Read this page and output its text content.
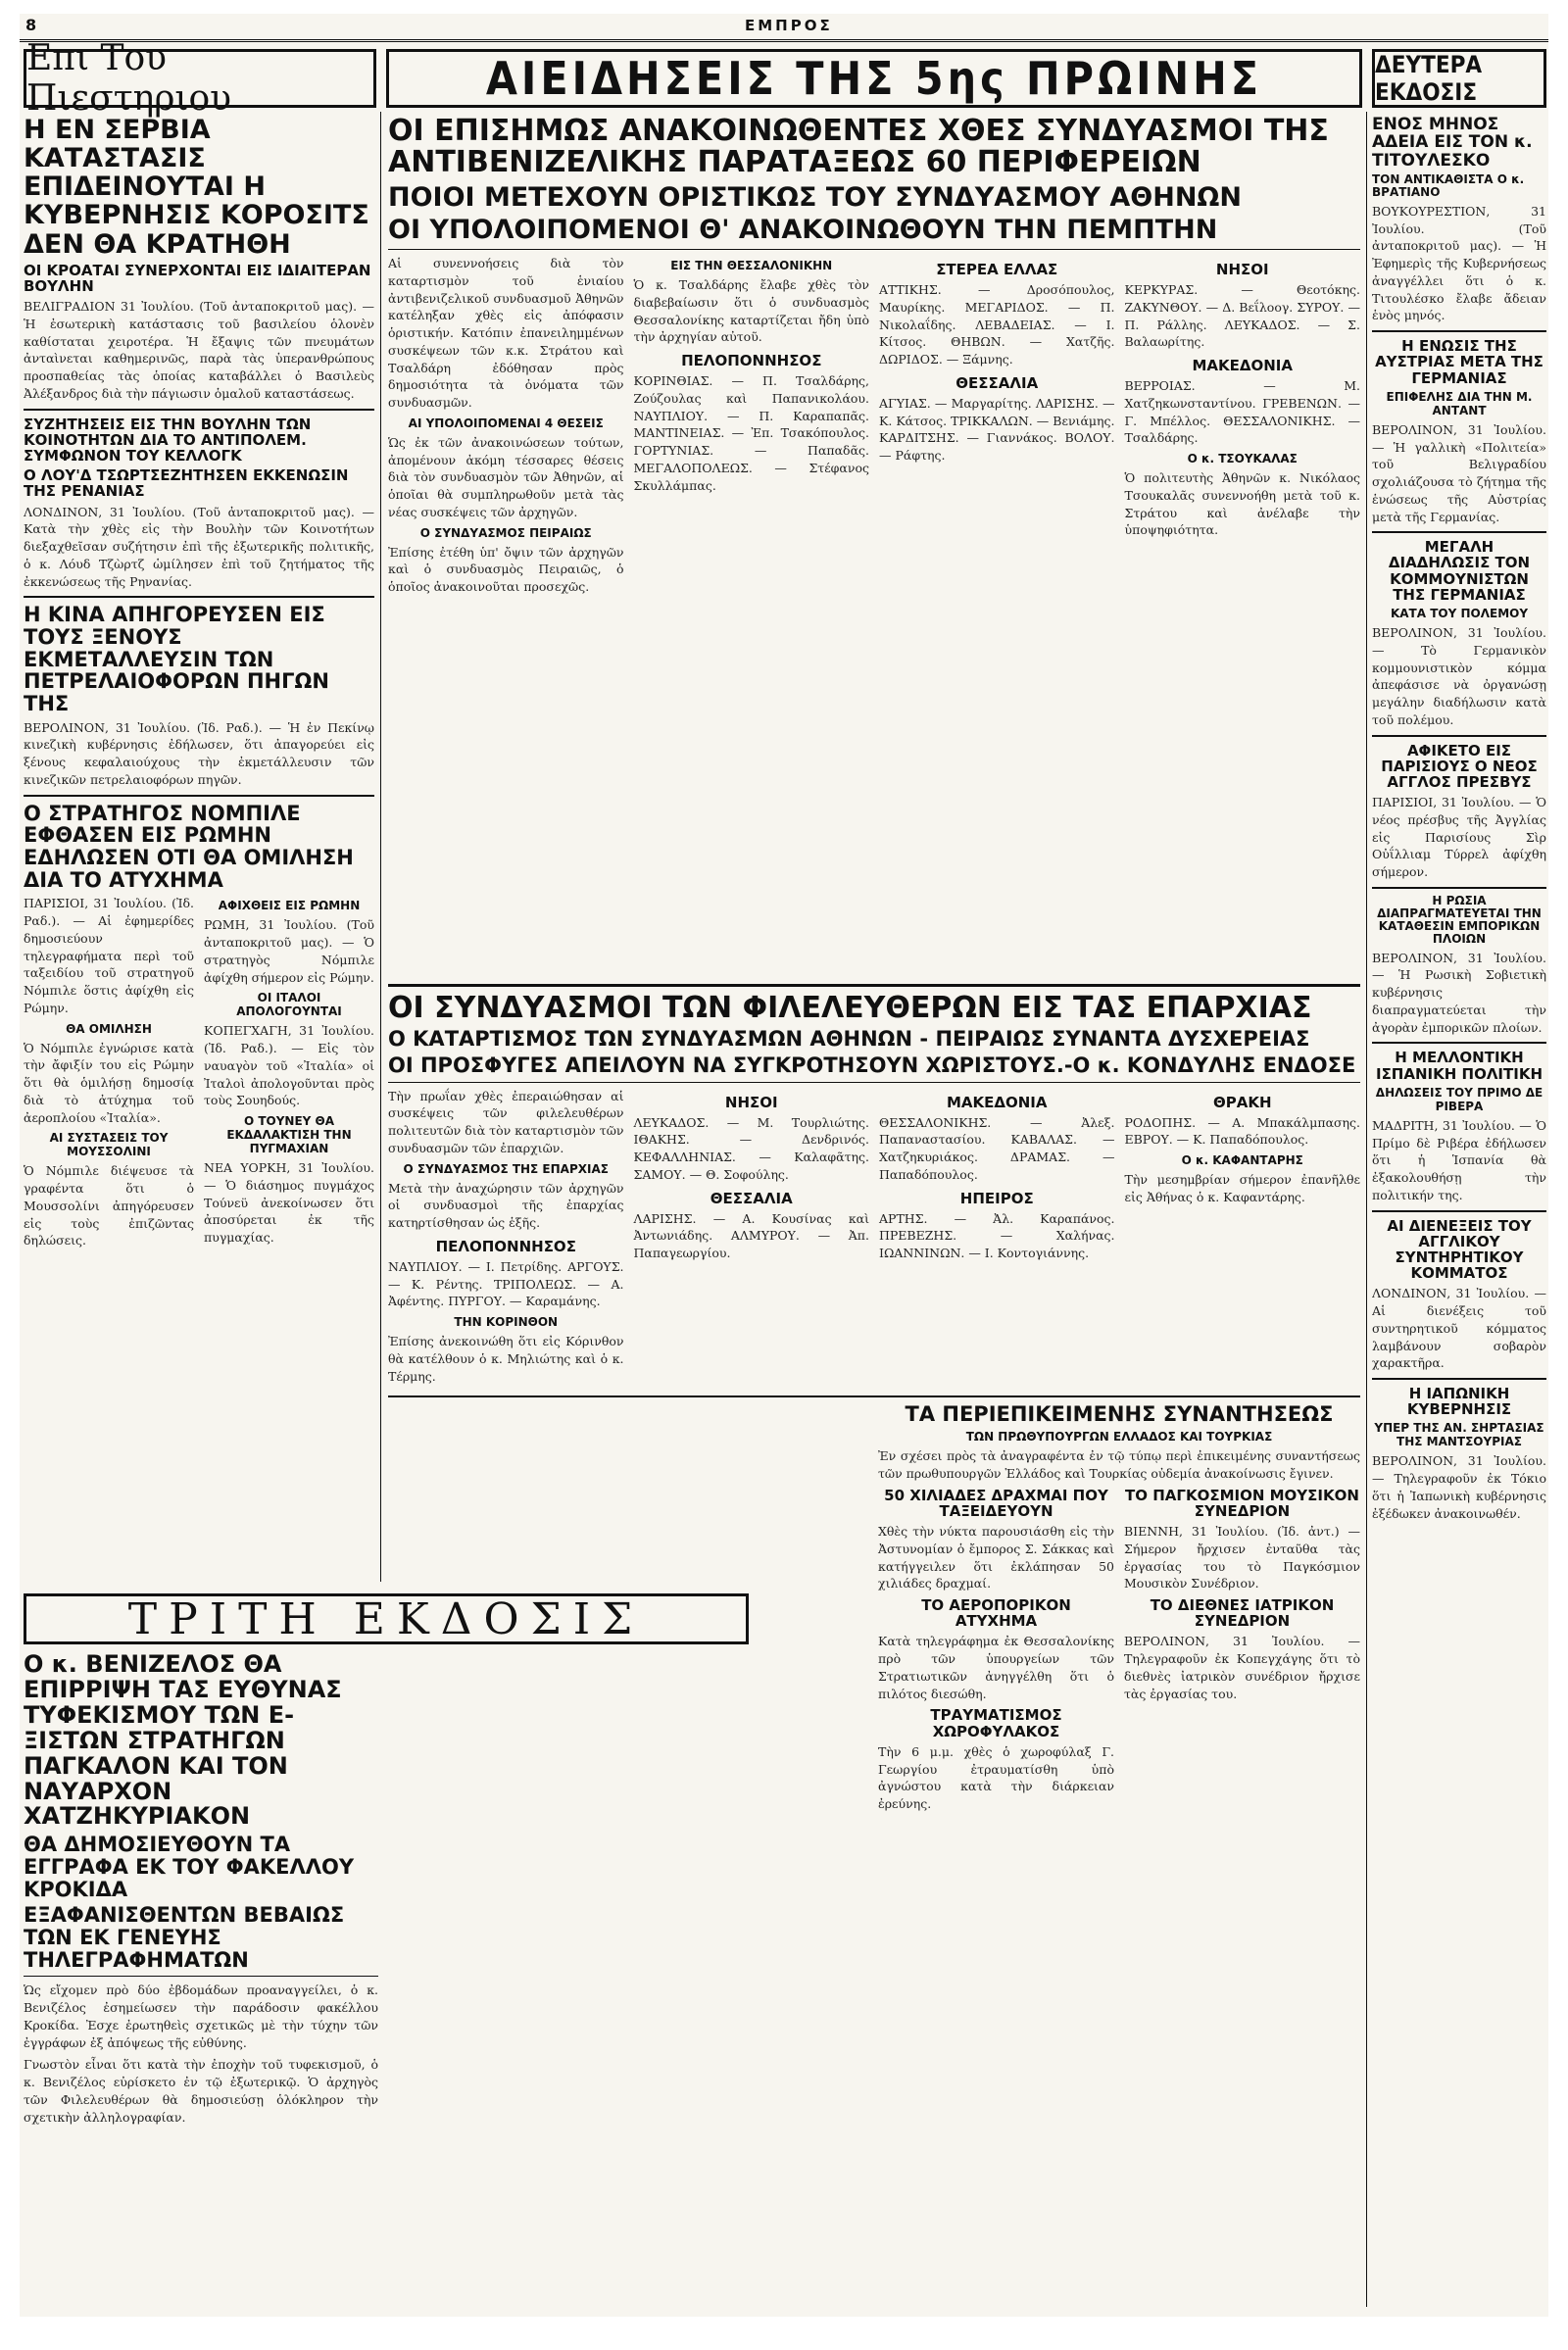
8	ΕΜΠΡΟΣ
Επι Του Πιεστηριου	ΑΙΕΙΔΗΣΕΙΣ ΤΗΣ 5ης ΠΡΩΙΝΗΣ	ΔΕΥΤΕΡΑ ΕΚΔΟΣΙΣ
Η ΕΝ ΣΕΡΒΙΑ ΚΑΤΑΣΤΑΣΙΣ ΕΠΙΔΕΙΝΟΥΤΑΙ Η ΚΥΒΕΡΝΗΣΙΣ ΚΟΡΟΣΙΤΣ ΔΕΝ ΘΑ ΚΡΑΤΗΘΗ
ΟΙ ΚΡΟΑΤΑΙ ΣΥΝΕΡΧΟΝΤΑΙ ΕΙΣ ΙΔΙΑΙΤΕΡΑΝ ΒΟΥΛΗΝ

ΒΕΛΙΓΡΑΔΙΟΝ 31 Ἰουλίου. (Τοῦ ἀνταποκριτοῦ μας). — Ἡ ἐσωτερικὴ κατάστασις τοῦ βασιλείου ὁλονὲν καθίσταται χειροτέρα. Ἡ ἔξαψις τῶν πνευμάτων ἀνταὶνεται καθημερινῶς, παρὰ τὰς ὑπερανθρώπους προσπαθείας τὰς ὁποίας καταβάλλει ὁ Βασιλεὺς Ἀλέξανδρος διὰ τὴν πάγιωσιν ὁμαλοῦ καταστάσεως.

ΣΥΖΗΤΗΣΕΙΣ ΕΙΣ ΤΗΝ ΒΟΥΛΗΝ ΤΩΝ ΚΟΙΝΟΤΗΤΩΝ ΔΙΑ ΤΟ ΑΝΤΙΠΟΛΕΜ. ΣΥΜΦΩΝΟΝ ΤΟΥ ΚΕΛΛΟΓΚ
Ο ΛΟΥ'Δ ΤΣΩΡΤΣΕΖΗΤΗΣΕΝ ΕΚΚΕΝΩΣΙΝ ΤΗΣ ΡΕΝΑΝΙΑΣ

ΛΟΝΔΙΝΟΝ, 31 Ἰουλίου. (Τοῦ ἀνταποκριτοῦ μας). — Κατὰ τὴν χθὲς εἰς τὴν Βουλὴν τῶν Κοινοτήτων διεξαχθεῖσαν συζήτησιν ἐπὶ τῆς ἐξωτερικῆς πολιτικῆς, ὁ κ. Λόυδ Τζὼρτζ ὡμίλησεν ἐπὶ τοῦ ζητήματος τῆς ἐκκενώσεως τῆς Ρηνανίας.

Η ΚΙΝΑ ΑΠΗΓΟΡΕΥΣΕΝ ΕΙΣ ΤΟΥΣ ΞΕΝΟΥΣ ΕΚΜΕΤΑΛΛΕΥΣΙΝ ΤΩΝ ΠΕΤΡΕΛΑΙΟΦΟΡΩΝ ΠΗΓΩΝ ΤΗΣ

ΒΕΡΟΛΙΝΟΝ, 31 Ἰουλίου. (Ἰδ. Ραδ.). — Ἡ ἐν Πεκίνῳ κινεζικὴ κυβέρνησις ἐδήλωσεν, ὅτι ἀπαγορεύει εἰς ξένους κεφαλαιούχους τὴν ἐκμετάλλευσιν τῶν κινεζικῶν πετρελαιοφόρων πηγῶν.

Ο ΣΤΡΑΤΗΓΟΣ ΝΟΜΠΙΛΕ ΕΦΘΑΣΕΝ ΕΙΣ ΡΩΜΗΝ ΕΔΗΛΩΣΕΝ ΟΤΙ ΘΑ ΟΜΙΛΗΣΗ ΔΙΑ ΤΟ ΑΤΥΧΗΜΑ

ΠΑΡΙΣΙΟΙ, 31 Ἰουλίου. (Ἰδ. Ραδ.). — Αἱ ἐφημερίδες δημοσιεύουν τηλεγραφήματα περὶ τοῦ ταξειδίου τοῦ στρατηγοῦ Νόμπιλε ὅστις ἀφίχθη εἰς Ρώμην.

ΘΑ ΟΜΙΛΗΣΗ

Ὁ Νόμπιλε ἐγνώρισε κατὰ τὴν ἄφιξίν του εἰς Ρώμην ὅτι θὰ ὁμιλήσῃ δημοσίᾳ διὰ τὸ ἀτύχημα τοῦ ἀεροπλοίου «Ἰταλία».

ΑΙ ΣΥΣΤΑΣΕΙΣ ΤΟΥ ΜΟΥΣΣΟΛΙΝΙ

Ὁ Νόμπιλε διέψευσε τὰ γραφέντα ὅτι ὁ Μουσσολίνι ἀπηγόρευσεν εἰς τοὺς ἐπιζῶντας δηλώσεις.

ΑΦΙΧΘΕΙΣ ΕΙΣ ΡΩΜΗΝ

ΡΩΜΗ, 31 Ἰουλίου. (Τοῦ ἀνταποκριτοῦ μας). — Ὁ στρατηγὸς Νόμπιλε ἀφίχθη σήμερον εἰς Ρώμην.

ΟΙ ΙΤΑΛΟΙ ΑΠΟΛΟΓΟΥΝΤΑΙ

ΚΟΠΕΓΧΑΓΗ, 31 Ἰουλίου. (Ἰδ. Ραδ.). — Εἰς τὸν ναυαγὸν τοῦ «Ἰταλία» οἱ Ἰταλοὶ ἀπολογοῦνται πρὸς τοὺς Σουηδούς.

Ο ΤΟΥΝΕΥ ΘΑ ΕΚΔΑΛΑΚΤΙΣΗ ΤΗΝ ΠΥΓΜΑΧΙΑΝ

ΝΕΑ ΥΟΡΚΗ, 31 Ἰουλίου. — Ὁ διάσημος πυγμάχος Τούνεϋ ἀνεκοίνωσεν ὅτι ἀποσύρεται ἐκ τῆς πυγμαχίας.

ΟΙ ΕΠΙΣΗΜΩΣ ΑΝΑΚΟΙΝΩΘΕΝΤΕΣ ΧΘΕΣ ΣΥΝΔΥΑΣΜΟΙ ΤΗΣ ΑΝΤΙΒΕΝΙΖΕΛΙΚΗΣ ΠΑΡΑΤΑΞΕΩΣ 60 ΠΕΡΙΦΕΡΕΙΩΝ
ΠΟΙΟΙ ΜΕΤΕΧΟΥΝ ΟΡΙΣΤΙΚΩΣ ΤΟΥ ΣΥΝΔΥΑΣΜΟΥ ΑΘΗΝΩΝ
ΟΙ ΥΠΟΛΟΙΠΟΜΕΝΟΙ Θ' ΑΝΑΚΟΙΝΩΘΟΥΝ ΤΗΝ ΠΕΜΠΤΗΝ

Αἱ συνεννοήσεις διὰ τὸν καταρτισμὸν τοῦ ἑνιαίου ἀντιβενιζελικοῦ συνδυασμοῦ Ἀθηνῶν κατέληξαν χθὲς εἰς ἀπόφασιν ὁριστικήν. Κατόπιν ἐπανειλημμένων συσκέψεων τῶν κ.κ. Στράτου καὶ Τσαλδάρη ἐδόθησαν πρὸς δημοσιότητα τὰ ὀνόματα τῶν συνδυασμῶν.

ΑΙ ΥΠΟΛΟΙΠΟΜΕΝΑΙ 4 ΘΕΣΕΙΣ

Ὡς ἐκ τῶν ἀνακοινώσεων τούτων, ἀπομένουν ἀκόμη τέσσαρες θέσεις διὰ τὸν συνδυασμὸν τῶν Ἀθηνῶν, αἱ ὁποῖαι θὰ συμπληρωθοῦν μετὰ τὰς νέας συσκέψεις τῶν ἀρχηγῶν.

Ο ΣΥΝΔΥΑΣΜΟΣ ΠΕΙΡΑΙΩΣ

Ἐπίσης ἐτέθη ὑπ' ὄψιν τῶν ἀρχηγῶν καὶ ὁ συνδυασμὸς Πειραιῶς, ὁ ὁποῖος ἀνακοινοῦται προσεχῶς.

ΕΙΣ ΤΗΝ ΘΕΣΣΑΛΟΝΙΚΗΝ

Ὁ κ. Τσαλδάρης ἔλαβε χθὲς τὸν διαβεβαίωσιν ὅτι ὁ συνδυασμὸς Θεσσαλονίκης καταρτίζεται ἤδη ὑπὸ τὴν ἀρχηγίαν αὐτοῦ.

ΠΕΛΟΠΟΝΝΗΣΟΣ

ΚΟΡΙΝΘΙΑΣ. — Π. Τσαλδάρης, Ζούζουλας καὶ Παπανικολάου. ΝΑΥΠΛΙΟΥ. — Π. Καραπαπᾶς. ΜΑΝΤΙΝΕΙΑΣ. — Ἐπ. Τσακόπουλος. ΓΟΡΤΥΝΙΑΣ. — Παπαδᾶς. ΜΕΓΑΛΟΠΟΛΕΩΣ. — Στέφανος Σκυλλάμπας.

ΣΤΕΡΕΑ ΕΛΛΑΣ

ΑΤΤΙΚΗΣ. — Δροσόπουλος, Μαυρίκης. ΜΕΓΑΡΙΔΟΣ. — Π. Νικολαΐδης. ΛΕΒΑΔΕΙΑΣ. — Ι. Κίτσος. ΘΗΒΩΝ. — Χατζῆς. ΔΩΡΙΔΟΣ. — Ξάμνης.

ΘΕΣΣΑΛΙΑ

ΑΓΥΙΑΣ. — Μαργαρίτης. ΛΑΡΙΣΗΣ. — Κ. Κάτσος. ΤΡΙΚΚΑΛΩΝ. — Βενιάμης. ΚΑΡΔΙΤΣΗΣ. — Γιαννάκος. ΒΟΛΟΥ. — Ράφτης.

ΝΗΣΟΙ

ΚΕΡΚΥΡΑΣ. — Θεοτόκης. ΖΑΚΥΝΘΟΥ. — Δ. Βεΐλοογ. ΣΥΡΟΥ. — Π. Ράλλης. ΛΕΥΚΑΔΟΣ. — Σ. Βαλαωρίτης.

ΜΑΚΕΔΟΝΙΑ

ΒΕΡΡΟΙΑΣ. — Μ. Χατζηκωνσταντίνου. ΓΡΕΒΕΝΩΝ. — Γ. Μπέλλος. ΘΕΣΣΑΛΟΝΙΚΗΣ. — Τσαλδάρης.

Ο κ. ΤΣΟΥΚΑΛΑΣ

Ὁ πολιτευτὴς Ἀθηνῶν κ. Νικόλαος Τσουκαλᾶς συνεννοήθη μετὰ τοῦ κ. Στράτου καὶ ἀνέλαβε τὴν ὑποψηφιότητα.

ΟΙ ΣΥΝΔΥΑΣΜΟΙ ΤΩΝ ΦΙΛΕΛΕΥΘΕΡΩΝ ΕΙΣ ΤΑΣ ΕΠΑΡΧΙΑΣ
Ο ΚΑΤΑΡΤΙΣΜΟΣ ΤΩΝ ΣΥΝΔΥΑΣΜΩΝ ΑΘΗΝΩΝ - ΠΕΙΡΑΙΩΣ ΣΥΝΑΝΤΑ ΔΥΣΧΕΡΕΙΑΣ
ΟΙ ΠΡΟΣΦΥΓΕΣ ΑΠΕΙΛΟΥΝ ΝΑ ΣΥΓΚΡΟΤΗΣΟΥΝ ΧΩΡΙΣΤΟΥΣ.-Ο κ. ΚΟΝΔΥΛΗΣ ΕΝΔΟΣΕ

Τὴν πρωΐαν χθὲς ἐπεραιώθησαν αἱ συσκέψεις τῶν φιλελευθέρων πολιτευτῶν διὰ τὸν καταρτισμὸν τῶν συνδυασμῶν τῶν ἐπαρχιῶν.

Ο ΣΥΝΔΥΑΣΜΟΣ ΤΗΣ ΕΠΑΡΧΙΑΣ

Μετὰ τὴν ἀναχώρησιν τῶν ἀρχηγῶν οἱ συνδυασμοὶ τῆς ἐπαρχίας κατηρτίσθησαν ὡς ἑξῆς.

ΠΕΛΟΠΟΝΝΗΣΟΣ

ΝΑΥΠΛΙΟΥ. — Ι. Πετρίδης. ΑΡΓΟΥΣ. — Κ. Ρέντης. ΤΡΙΠΟΛΕΩΣ. — Α. Ἀφέντης. ΠΥΡΓΟΥ. — Καραμάνης.

ΤΗΝ ΚΟΡΙΝΘΟΝ

Ἐπίσης ἀνεκοινώθη ὅτι εἰς Κόρινθον θὰ κατέλθουν ὁ κ. Μηλιώτης καὶ ὁ κ. Τέρμης.

ΝΗΣΟΙ

ΛΕΥΚΑΔΟΣ. — Μ. Τουρλιώτης. ΙΘΑΚΗΣ. — Δενδρινός. ΚΕΦΑΛΛΗΝΙΑΣ. — Καλαφᾶτης. ΣΑΜΟΥ. — Θ. Σοφούλης.

ΘΕΣΣΑΛΙΑ

ΛΑΡΙΣΗΣ. — Α. Κουσίνας καὶ Ἀντωνιάδης. ΑΛΜΥΡΟΥ. — Ἀπ. Παπαγεωργίου.

ΜΑΚΕΔΟΝΙΑ

ΘΕΣΣΑΛΟΝΙΚΗΣ. — Ἀλεξ. Παπαναστασίου. ΚΑΒΑΛΑΣ. — Χατζηκυριάκος. ΔΡΑΜΑΣ. — Παπαδόπουλος.

ΗΠΕΙΡΟΣ

ΑΡΤΗΣ. — Ἀλ. Καραπάνος. ΠΡΕΒΕΖΗΣ. — Χαλήνας. ΙΩΑΝΝΙΝΩΝ. — Ι. Κοντογιάννης.

ΘΡΑΚΗ

ΡΟΔΟΠΗΣ. — Α. Μπακάλμπασης. ΕΒΡΟΥ. — Κ. Παπαδόπουλος.

Ο κ. ΚΑΦΑΝΤΑΡΗΣ

Τὴν μεσημβρίαν σήμερον ἐπανῆλθε εἰς Ἀθήνας ὁ κ. Καφαντάρης.

ΤΑ ΠΕΡΙΕΠΙΚΕΙΜΕΝΗΣ ΣΥΝΑΝΤΗΣΕΩΣ
ΤΩΝ ΠΡΩΘΥΠΟΥΡΓΩΝ ΕΛΛΑΔΟΣ ΚΑΙ ΤΟΥΡΚΙΑΣ

Ἐν σχέσει πρὸς τὰ ἀναγραφέντα ἐν τῷ τύπῳ περὶ ἐπικειμένης συναντήσεως τῶν πρωθυπουργῶν Ἑλλάδος καὶ Τουρκίας οὐδεμία ἀνακοίνωσις ἔγινεν.

50 ΧΙΛΙΑΔΕΣ ΔΡΑΧΜΑΙ ΠΟΥ ΤΑΞΕΙΔΕΥΟΥΝ

Χθὲς τὴν νύκτα παρουσιάσθη εἰς τὴν Ἀστυνομίαν ὁ ἔμπορος Σ. Σάκκας καὶ κατήγγειλεν ὅτι ἐκλάπησαν 50 χιλιάδες δραχμαί.

ΤΟ ΑΕΡΟΠΟΡΙΚΟΝ ΑΤΥΧΗΜΑ

Κατὰ τηλεγράφημα ἐκ Θεσσαλονίκης πρὸ τῶν ὑπουργείων τῶν Στρατιωτικῶν ἀνηγγέλθη ὅτι ὁ πιλότος διεσώθη.

ΤΡΑΥΜΑΤΙΣΜΟΣ ΧΩΡΟΦΥΛΑΚΟΣ

Τὴν 6 μ.μ. χθὲς ὁ χωροφύλαξ Γ. Γεωργίου ἐτραυματίσθη ὑπὸ ἀγνώστου κατὰ τὴν διάρκειαν ἐρεύνης.

ΤΟ ΠΑΓΚΟΣΜΙΟΝ ΜΟΥΣΙΚΟΝ ΣΥΝΕΔΡΙΟΝ

ΒΙΕΝΝΗ, 31 Ἰουλίου. (Ἰδ. ἀντ.) — Σήμερον ἤρχισεν ἐνταῦθα τὰς ἐργασίας του τὸ Παγκόσμιον Μουσικὸν Συνέδριον.

ΤΟ ΔΙΕΘΝΕΣ ΙΑΤΡΙΚΟΝ ΣΥΝΕΔΡΙΟΝ

ΒΕΡΟΛΙΝΟΝ, 31 Ἰουλίου. — Τηλεγραφοῦν ἐκ Κοπεγχάγης ὅτι τὸ διεθνὲς ἰατρικὸν συνέδριον ἤρχισε τὰς ἐργασίας του.

ΤΡΙΤΗ ΕΚΔΟΣΙΣ
Ο κ. ΒΕΝΙΖΕΛΟΣ ΘΑ ΕΠΙΡΡΙΨΗ ΤΑΣ ΕΥΘΥΝΑΣ ΤΥΦΕΚΙΣΜΟΥ ΤΩΝ Ε-ΞΙΣΤΩΝ ΣΤΡΑΤΗΓΩΝ ΠΑΓΚΑΛΟΝ ΚΑΙ ΤΟΝ ΝΑΥΑΡΧΟΝ ΧΑΤΖΗΚΥΡΙΑΚΟΝ
ΘΑ ΔΗΜΟΣΙΕΥΘΟΥΝ ΤΑ ΕΓΓΡΑΦΑ ΕΚ ΤΟΥ ΦΑΚΕΛΛΟΥ ΚΡΟΚΙΔΑ
ΕΞΑΦΑΝΙΣΘΕΝΤΩΝ ΒΕΒΑΙΩΣ ΤΩΝ ΕΚ ΓΕΝΕΥΗΣ ΤΗΛΕΓΡΑΦΗΜΑΤΩΝ

Ὡς εἴχομεν πρὸ δύο ἐβδομάδων προαναγγείλει, ὁ κ. Βενιζέλος ἐσημείωσεν τὴν παράδοσιν φακέλλου Κροκίδα. Ἐσχε ἐρωτηθεὶς σχετικῶς μὲ τὴν τύχην τῶν ἐγγράφων ἐξ ἀπόψεως τῆς εὐθύνης.

Γνωστὸν εἶναι ὅτι κατὰ τὴν ἐποχὴν τοῦ τυφεκισμοῦ, ὁ κ. Βενιζέλος εὐρίσκετο ἐν τῷ ἐξωτερικῷ. Ὁ ἀρχηγὸς τῶν Φιλελευθέρων θὰ δημοσιεύσῃ ὁλόκληρον τὴν σχετικὴν ἀλληλογραφίαν.

ΕΝΟΣ ΜΗΝΟΣ ΑΔΕΙΑ ΕΙΣ ΤΟΝ κ. ΤΙΤΟΥΛΕΣΚΟ
ΤΟΝ ΑΝΤΙΚΑΘΙΣΤΑ Ο κ. ΒΡΑΤΙΑΝΟ

ΒΟΥΚΟΥΡΕΣΤΙΟΝ, 31 Ἰουλίου. (Τοῦ ἀνταποκριτοῦ μας). — Ἡ Ἐφημερὶς τῆς Κυβερνήσεως ἀναγγέλλει ὅτι ὁ κ. Τιτουλέσκο ἔλαβε ἄδειαν ἑνὸς μηνός.

Η ΕΝΩΣΙΣ ΤΗΣ ΑΥΣΤΡΙΑΣ ΜΕΤΑ ΤΗΣ ΓΕΡΜΑΝΙΑΣ
ΕΠΙΦΕΛΗΣ ΔΙΑ ΤΗΝ Μ. ΑΝΤΑΝΤ

ΒΕΡΟΛΙΝΟΝ, 31 Ἰουλίου. — Ἡ γαλλικὴ «Πολιτεία» τοῦ Βελιγραδίου σχολιάζουσα τὸ ζήτημα τῆς ἑνώσεως τῆς Αὐστρίας μετὰ τῆς Γερμανίας.

ΜΕΓΑΛΗ ΔΙΑΔΗΛΩΣΙΣ ΤΟΝ ΚΟΜΜΟΥΝΙΣΤΩΝ ΤΗΣ ΓΕΡΜΑΝΙΑΣ
ΚΑΤΑ ΤΟΥ ΠΟΛΕΜΟΥ

ΒΕΡΟΛΙΝΟΝ, 31 Ἰουλίου. — Τὸ Γερμανικὸν κομμουνιστικὸν κόμμα ἀπεφάσισε νὰ ὀργανώσῃ μεγάλην διαδήλωσιν κατὰ τοῦ πολέμου.

ΑΦΙΚΕΤΟ ΕΙΣ ΠΑΡΙΣΙΟΥΣ Ο ΝΕΟΣ ΑΓΓΛΟΣ ΠΡΕΣΒΥΣ

ΠΑΡΙΣΙΟΙ, 31 Ἰουλίου. — Ὁ νέος πρέσβυς τῆς Ἀγγλίας εἰς Παρισίους Σὶρ Οὐΐλλιαμ Τύρρελ ἀφίχθη σήμερον.

Η ΡΩΣΙΑ ΔΙΑΠΡΑΓΜΑΤΕΥΕΤΑΙ ΤΗΝ ΚΑΤΑΘΕΣΙΝ ΕΜΠΟΡΙΚΩΝ ΠΛΟΙΩΝ

ΒΕΡΟΛΙΝΟΝ, 31 Ἰουλίου. — Ἡ Ρωσικὴ Σοβιετικὴ κυβέρνησις διαπραγματεύεται τὴν ἀγορὰν ἐμπορικῶν πλοίων.

Η ΜΕΛΛΟΝΤΙΚΗ ΙΣΠΑΝΙΚΗ ΠΟΛΙΤΙΚΗ
ΔΗΛΩΣΕΙΣ ΤΟΥ ΠΡΙΜΟ ΔΕ ΡΙΒΕΡΑ

ΜΑΔΡΙΤΗ, 31 Ἰουλίου. — Ὁ Πρίμο δὲ Ριβέρα ἐδήλωσεν ὅτι ἡ Ἱσπανία θὰ ἐξακολουθήσῃ τὴν πολιτικήν της.

ΑΙ ΔΙΕΝΕΞΕΙΣ ΤΟΥ ΑΓΓΛΙΚΟΥ ΣΥΝΤΗΡΗΤΙΚΟΥ ΚΟΜΜΑΤΟΣ

ΛΟΝΔΙΝΟΝ, 31 Ἰουλίου. — Αἱ διενέξεις τοῦ συντηρητικοῦ κόμματος λαμβάνουν σοβαρὸν χαρακτῆρα.

Η ΙΑΠΩΝΙΚΗ ΚΥΒΕΡΝΗΣΙΣ
ΥΠΕΡ ΤΗΣ ΑΝ. ΣΗΡΤΑΣΙΑΣ ΤΗΣ ΜΑΝΤΣΟΥΡΙΑΣ

ΒΕΡΟΛΙΝΟΝ, 31 Ἰουλίου. — Τηλεγραφοῦν ἐκ Τόκιο ὅτι ἡ Ἰαπωνικὴ κυβέρνησις ἐξέδωκεν ἀνακοινωθέν.
